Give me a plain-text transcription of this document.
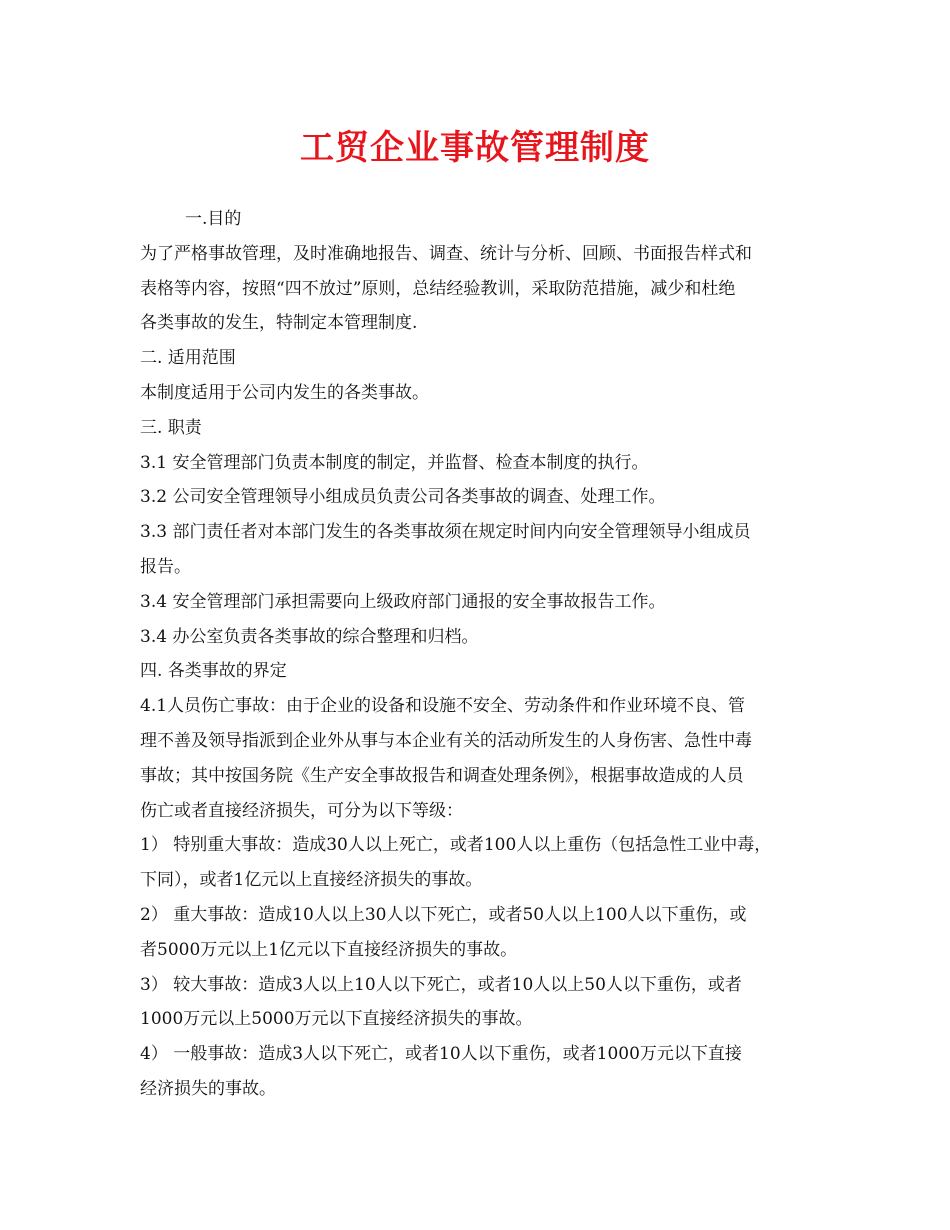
工贸企业事故管理制度

一.目的

为了严格事故管理，及时准确地报告、调查、统计与分析、回顾、书面报告样式和

表格等内容，按照“四不放过”原则，总结经验教训，采取防范措施，减少和杜绝

各类事故的发生，特制定本管理制度.

二. 适用范围

本制度适用于公司内发生的各类事故。

三. 职责

3.1 安全管理部门负责本制度的制定，并监督、检查本制度的执行。

3.2 公司安全管理领导小组成员负责公司各类事故的调查、处理工作。

3.3 部门责任者对本部门发生的各类事故须在规定时间内向安全管理领导小组成员

报告。

3.4 安全管理部门承担需要向上级政府部门通报的安全事故报告工作。

3.4 办公室负责各类事故的综合整理和归档。

四. 各类事故的界定

4.1人员伤亡事故：由于企业的设备和设施不安全、劳动条件和作业环境不良、管

理不善及领导指派到企业外从事与本企业有关的活动所发生的人身伤害、急性中毒

事故；其中按国务院《生产安全事故报告和调查处理条例》，根据事故造成的人员

伤亡或者直接经济损失，可分为以下等级：

1） 特别重大事故：造成30人以上死亡，或者100人以上重伤（包括急性工业中毒，

下同），或者1亿元以上直接经济损失的事故。

2） 重大事故：造成10人以上30人以下死亡，或者50人以上100人以下重伤，或

者5000万元以上1亿元以下直接经济损失的事故。

3） 较大事故：造成3人以上10人以下死亡，或者10人以上50人以下重伤，或者

1000万元以上5000万元以下直接经济损失的事故。

4） 一般事故：造成3人以下死亡，或者10人以下重伤，或者1000万元以下直接

经济损失的事故。
